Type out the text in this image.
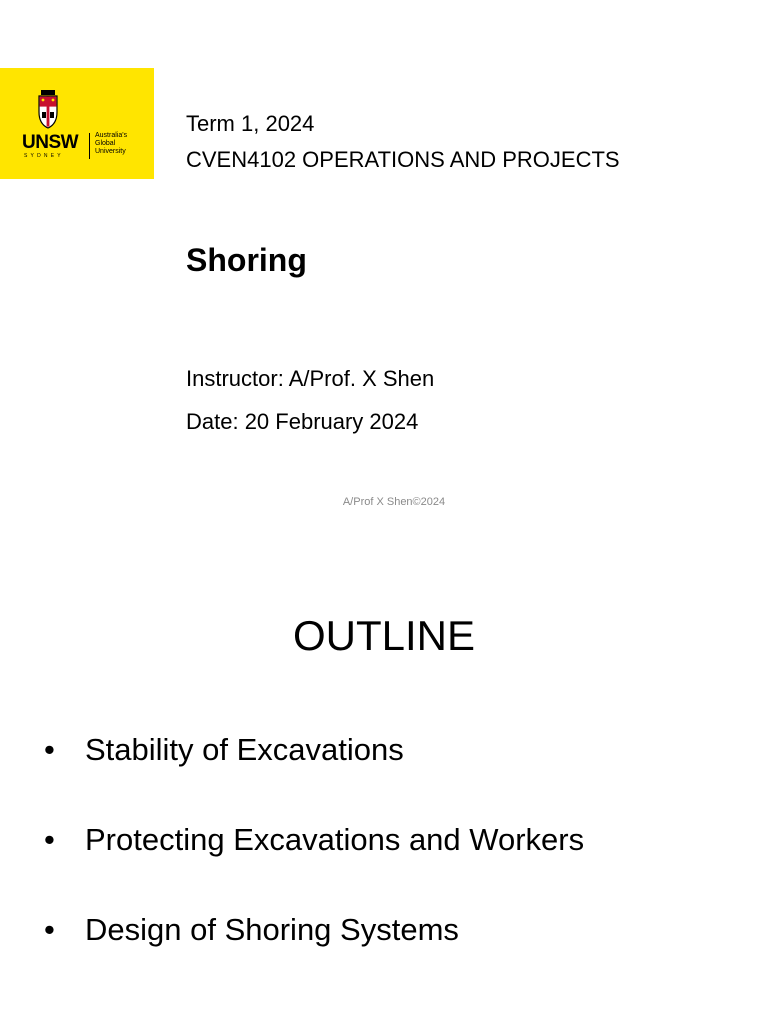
UNSW
SYDNEY
Australia's
Global
University
Term 1, 2024
CVEN4102 OPERATIONS AND PROJECTS
Shoring
Instructor: A/Prof. X Shen
Date: 20 February 2024
A/Prof X Shen©2024
OUTLINE
• Stability of Excavations
• Protecting Excavations and Workers
• Design of Shoring Systems
